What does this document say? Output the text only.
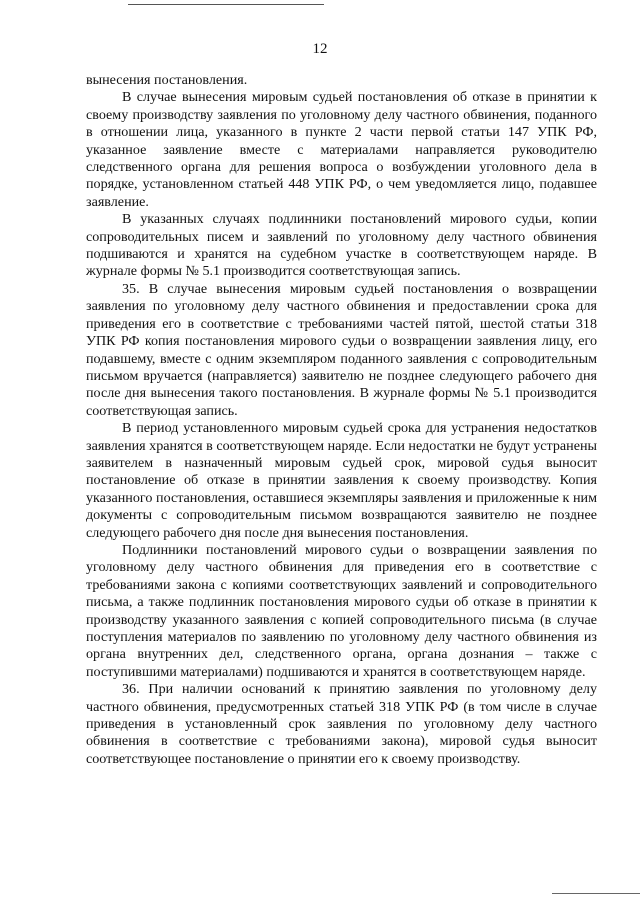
12

вынесения постановления.

В случае вынесения мировым судьей постановления об отказе в принятии к своему производству заявления по уголовному делу частного обвинения, поданного в отношении лица, указанного в пункте 2 части первой статьи 147 УПК РФ, указанное заявление вместе с материалами направляется руководителю следственного органа для решения вопроса о возбуждении уголовного дела в порядке, установленном статьей 448 УПК РФ, о чем уведомляется лицо, подавшее заявление.

В указанных случаях подлинники постановлений мирового судьи, копии сопроводительных писем и заявлений по уголовному делу частного обвинения подшиваются и хранятся на судебном участке в соответствующем наряде. В журнале формы № 5.1 производится соответствующая запись.

35. В случае вынесения мировым судьей постановления о возвращении заявления по уголовному делу частного обвинения и предоставлении срока для приведения его в соответствие с требованиями частей пятой, шестой статьи 318 УПК РФ копия постановления мирового судьи о возвращении заявления лицу, его подавшему, вместе с одним экземпляром поданного заявления с сопроводительным письмом вручается (направляется) заявителю не позднее следующего рабочего дня после дня вынесения такого постановления. В журнале формы № 5.1 производится соответствующая запись.

В период установленного мировым судьей срока для устранения недостатков заявления хранятся в соответствующем наряде. Если недостатки не будут устранены заявителем в назначенный мировым судьей срок, мировой судья выносит постановление об отказе в принятии заявления к своему производству. Копия указанного постановления, оставшиеся экземпляры заявления и приложенные к ним документы с сопроводительным письмом возвращаются заявителю не позднее следующего рабочего дня после дня вынесения постановления.

Подлинники постановлений мирового судьи о возвращении заявления по уголовному делу частного обвинения для приведения его в соответствие с требованиями закона с копиями соответствующих заявлений и сопроводительного письма, а также подлинник постановления мирового судьи об отказе в принятии к производству указанного заявления с копией сопроводительного письма (в случае поступления материалов по заявлению по уголовному делу частного обвинения из органа внутренних дел, следственного органа, органа дознания – также с поступившими материалами) подшиваются и хранятся в соответствующем наряде.

36. При наличии оснований к принятию заявления по уголовному делу частного обвинения, предусмотренных статьей 318 УПК РФ (в том числе в случае приведения в установленный срок заявления по уголовному делу частного обвинения в соответствие с требованиями закона), мировой судья выносит соответствующее постановление о принятии его к своему производству.
